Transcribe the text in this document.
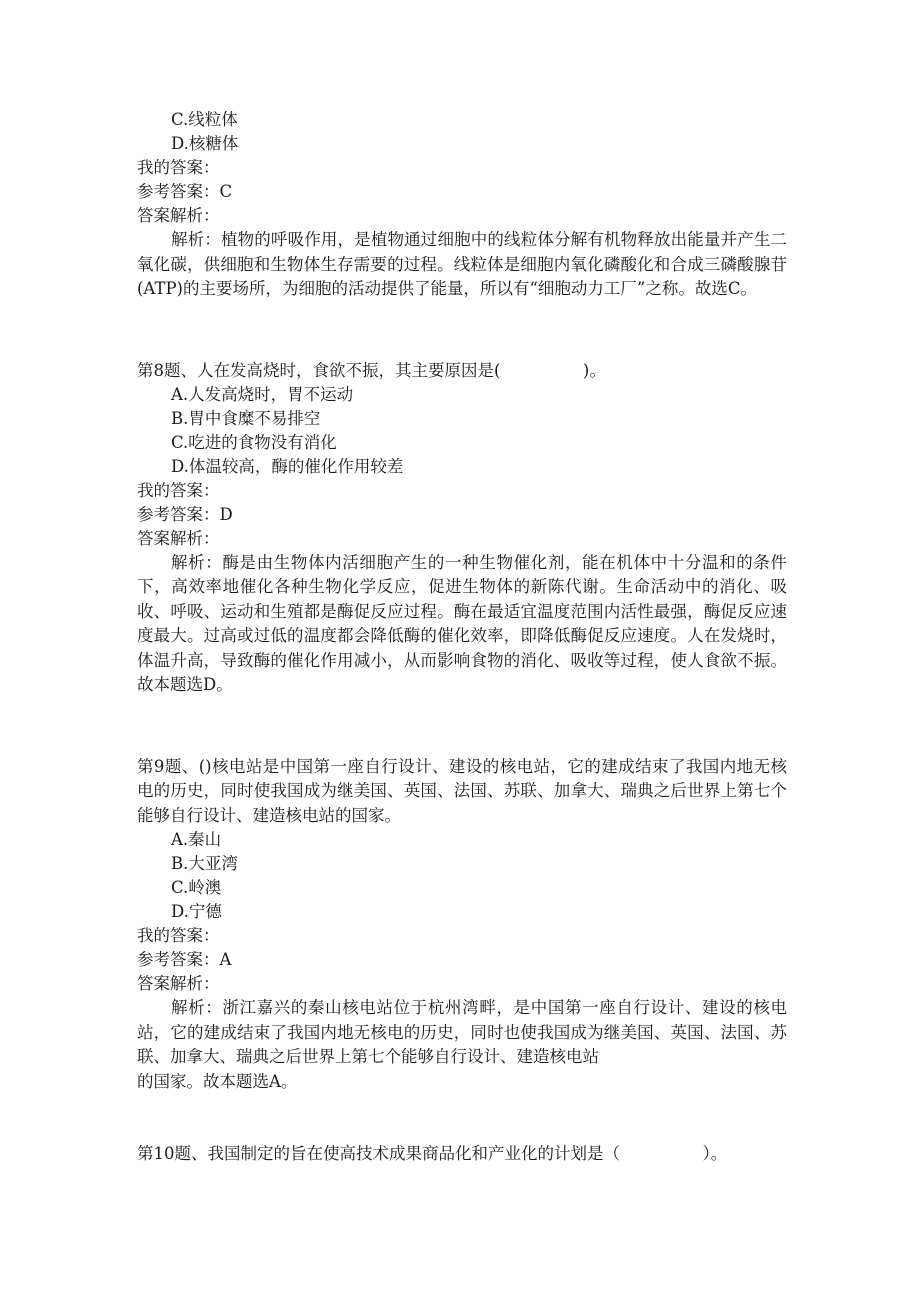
C.线粒体
D.核糖体
我的答案：
参考答案：C
答案解析：
解析：植物的呼吸作用，是植物通过细胞中的线粒体分解有机物释放出能量并产生二氧化碳，供细胞和生物体生存需要的过程。线粒体是细胞内氧化磷酸化和合成三磷酸腺苷(ATP)的主要场所，为细胞的活动提供了能量，所以有“细胞动力工厂”之称。故选C。
第8题、人在发高烧时，食欲不振，其主要原因是(　　　　　)。
A.人发高烧时，胃不运动
B.胃中食糜不易排空
C.吃进的食物没有消化
D.体温较高，酶的催化作用较差
我的答案：
参考答案：D
答案解析：
解析：酶是由生物体内活细胞产生的一种生物催化剂，能在机体中十分温和的条件下，高效率地催化各种生物化学反应，促进生物体的新陈代谢。生命活动中的消化、吸收、呼吸、运动和生殖都是酶促反应过程。酶在最适宜温度范围内活性最强，酶促反应速度最大。过高或过低的温度都会降低酶的催化效率，即降低酶促反应速度。人在发烧时，体温升高，导致酶的催化作用减小，从而影响食物的消化、吸收等过程，使人食欲不振。故本题选D。
第9题、()核电站是中国第一座自行设计、建设的核电站，它的建成结束了我国内地无核电的历史，同时使我国成为继美国、英国、法国、苏联、加拿大、瑞典之后世界上第七个能够自行设计、建造核电站的国家。
A.秦山
B.大亚湾
C.岭澳
D.宁德
我的答案：
参考答案：A
答案解析：
解析：浙江嘉兴的秦山核电站位于杭州湾畔，是中国第一座自行设计、建设的核电站，它的建成结束了我国内地无核电的历史，同时也使我国成为继美国、英国、法国、苏联、加拿大、瑞典之后世界上第七个能够自行设计、建造核电站
的国家。故本题选A。
第10题、我国制定的旨在使高技术成果商品化和产业化的计划是（　　　　　）。
